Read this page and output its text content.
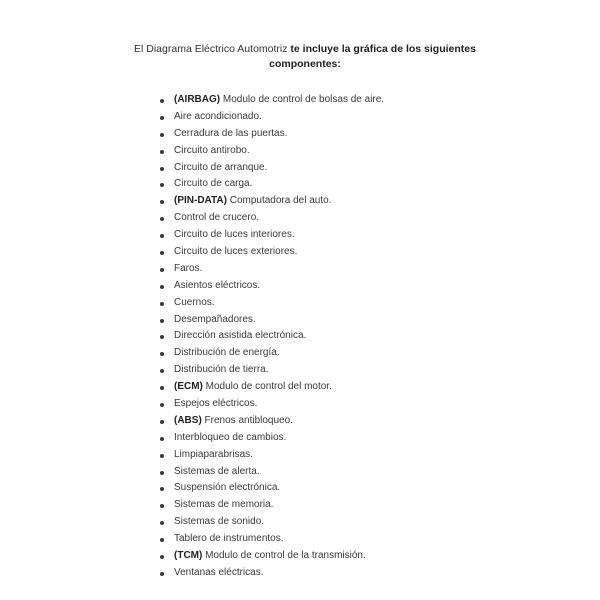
El Diagrama Eléctrico Automotriz te incluye la gráfica de los siguientes componentes:
(AIRBAG) Modulo de control de bolsas de aire.
Aire acondicionado.
Cerradura de las puertas.
Circuito antirobo.
Circuito de arranque.
Circuito de carga.
(PIN-DATA) Computadora del auto.
Control de crucero.
Circuito de luces interiores.
Circuito de luces exteriores.
Faros.
Asientos eléctricos.
Cuernos.
Desempañadores.
Dirección asistida electrónica.
Distribución de energía.
Distribución de tierra.
(ECM) Modulo de control del motor.
Espejos eléctricos.
(ABS) Frenos antibloqueo.
Interbloqueo de cambios.
Limpiaparabrisas.
Sistemas de alerta.
Suspensión electrónica.
Sistemas de memoria.
Sistemas de sonido.
Tablero de instrumentos.
(TCM) Modulo de control de la transmisión.
Ventanas eléctricas.
